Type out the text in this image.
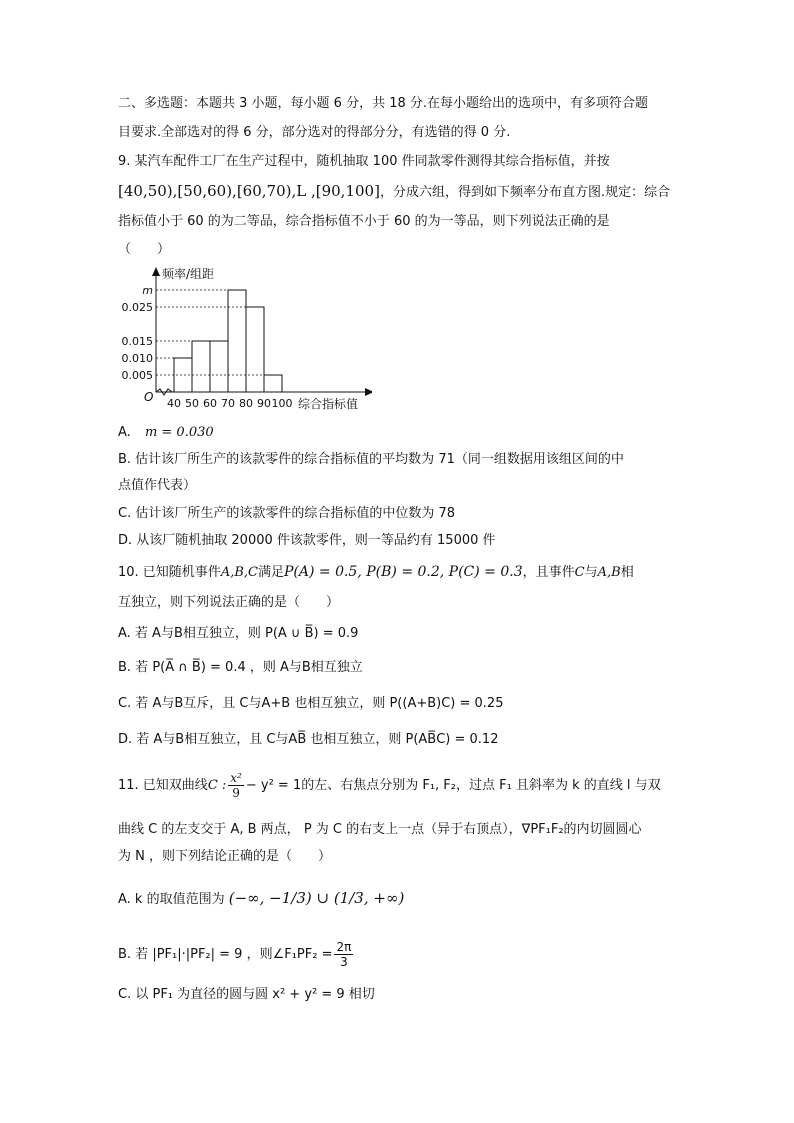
二、多选题：本题共 3 小题，每小题 6 分，共 18 分.在每小题给出的选项中，有多项符合题
目要求.全部选对的得 6 分，部分选对的得部分分，有选错的得 0 分.
9. 某汽车配件工厂在生产过程中，随机抽取 100 件同款零件测得其综合指标值，并按
[40,50),[50,60),[60,70),L ,[90,100]，分成六组，得到如下频率分布直方图.规定：综合
指标值小于 60 的为二等品，综合指标值不小于 60 的为一等品，则下列说法正确的是
（　　）
0.005
0.010
0.015
0.025
m
40 50 60 70 80 90 100
O
频率/组距
综合指标值
A. m = 0.030
B. 估计该厂所生产的该款零件的综合指标值的平均数为 71（同一组数据用该组区间的中
点值作代表）
C. 估计该厂所生产的该款零件的综合指标值的中位数为 78
D. 从该厂随机抽取 20000 件该款零件，则一等品约有 15000 件
10. 已知随机事件A,B,C满足P(A) = 0.5, P(B) = 0.2, P(C) = 0.3，且事件C与A,B相
互独立，则下列说法正确的是（　　）
A. 若 A与B相互独立，则 P(A ∪ B̅) = 0.9
B. 若 P(A̅ ∩ B̅) = 0.4 ，则 A与B相互独立
C. 若 A与B互斥，且 C与A+B 也相互独立，则 P((A+B)C) = 0.25
D. 若 A与B相互独立，且 C与AB̅ 也相互独立，则 P(AB̅C) = 0.12
11. 已知双曲线C : $\frac{\text{x²}}{9} - y^2 = 1$的左、右焦点分别为 F₁, F₂，过点 F₁ 且斜率为 k 的直线 l 与双
曲线 C 的左支交于 A, B 两点， P 为 C 的右支上一点（异于右顶点），∇PF₁F₂的内切圆圆心
为 N ，则下列结论正确的是（　　）
A. k 的取值范围为 (−∞, −1/3) ∪ (1/3, +∞)
B. 若 |PF₁|·|PF₂| = 9 ，则∠F₁PF₂ = $\frac{2\pi}{3}$
C. 以 PF₁ 为直径的圆与圆 x² + y² = 9 相切
